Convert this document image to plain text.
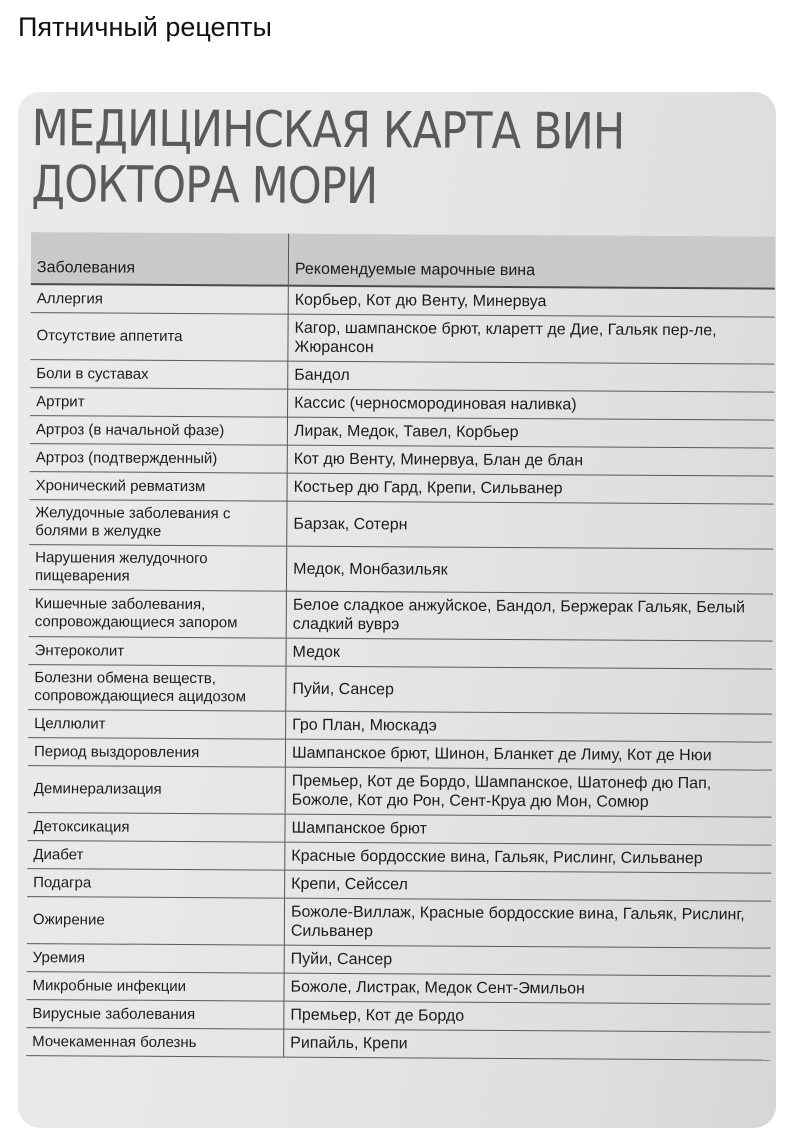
Пятничный рецепты
МЕДИЦИНСКАЯ КАРТА ВИН
ДОКТОРА МОРИ
Заболевания	Рекомендуемые марочные вина
Аллергия	Корбьер, Кот дю Венту, Минервуа
Отсутствие аппетита	Кагор, шампанское брют, кларетт де Дие, Гальяк пер-ле, Жюрансон
Боли в суставах	Бандол
Артрит	Кассис (черносмородиновая наливка)
Артроз (в начальной фазе)	Лирак, Медок, Тавел, Корбьер
Артроз (подтвержденный)	Кот дю Венту, Минервуа, Блан де блан
Хронический ревматизм	Костьер дю Гард, Крепи, Сильванер
Желудочные заболевания с болями в желудке	Барзак, Сотерн
Нарушения желудочного пищеварения	Медок, Монбазильяк
Кишечные заболевания, сопровождающиеся запором	Белое сладкое анжуйское, Бандол, Бержерак Гальяк, Белый сладкий вуврэ
Энтероколит	Медок
Болезни обмена веществ, сопровождающиеся ацидозом	Пуйи, Сансер
Целлюлит	Гро План, Мюскадэ
Период выздоровления	Шампанское брют, Шинон, Бланкет де Лиму, Кот де Нюи
Деминерализация	Премьер, Кот де Бордо, Шампанское, Шатонеф дю Пап, Божоле, Кот дю Рон, Сент-Круа дю Мон, Сомюр
Детоксикация	Шампанское брют
Диабет	Красные бордосские вина, Гальяк, Рислинг, Сильванер
Подагра	Крепи, Сейссел
Ожирение	Божоле-Виллаж, Красные бордосские вина, Гальяк, Рислинг, Сильванер
Уремия	Пуйи, Сансер
Микробные инфекции	Божоле, Листрак, Медок Сент-Эмильон
Вирусные заболевания	Премьер, Кот де Бордо
Мочекаменная болезнь	Рипайль, Крепи
